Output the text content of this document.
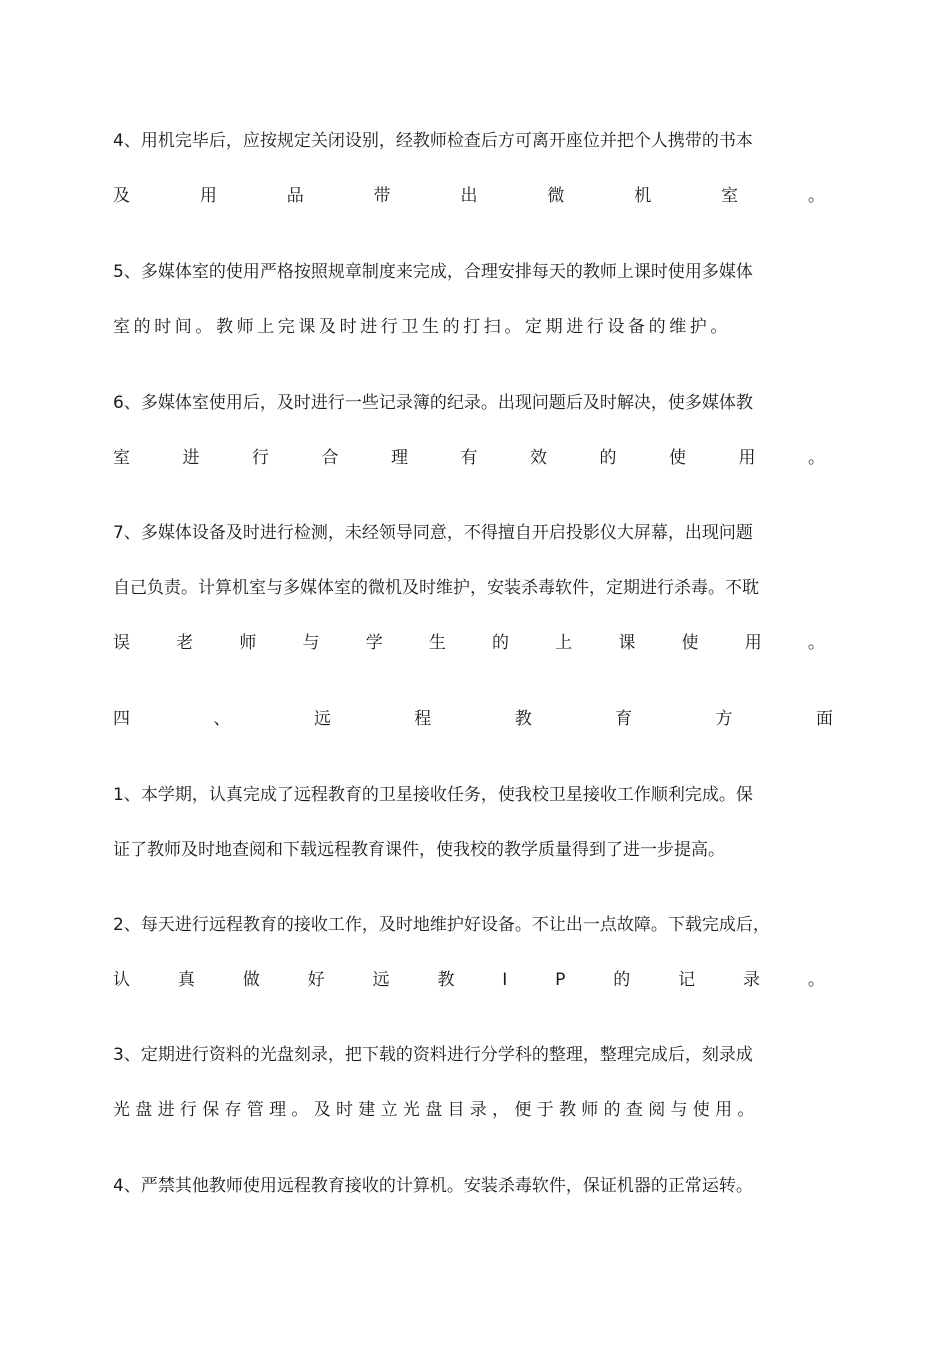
4、用机完毕后，应按规定关闭设别，经教师检查后方可离开座位并把个人携带的书本

及	用	品	带	出	微	机	室	。

5、多媒体室的使用严格按照规章制度来完成，合理安排每天的教师上课时使用多媒体

室的时间。教师上完课及时进行卫生的打扫。定期进行设备的维护。

6、多媒体室使用后，及时进行一些记录簿的纪录。出现问题后及时解决，使多媒体教

室	进	行	合	理	有	效	的	使	用	。

7、多媒体设备及时进行检测，未经领导同意，不得擅自开启投影仪大屏幕，出现问题

自己负责。计算机室与多媒体室的微机及时维护，安装杀毒软件，定期进行杀毒。不耽

误	老	师	与	学	生	的	上	课	使	用	。

四	、	远	程	教	育	方	面

1、本学期，认真完成了远程教育的卫星接收任务，使我校卫星接收工作顺利完成。保

证了教师及时地查阅和下载远程教育课件，使我校的教学质量得到了进一步提高。

2、每天进行远程教育的接收工作，及时地维护好设备。不让出一点故障。下载完成后，

认	真	做	好	远	教	I	P	的	记	录	。

3、定期进行资料的光盘刻录，把下载的资料进行分学科的整理，整理完成后，刻录成

光盘进行保存管理。及时建立光盘目录，便于教师的查阅与使用。

4、严禁其他教师使用远程教育接收的计算机。安装杀毒软件，保证机器的正常运转。
